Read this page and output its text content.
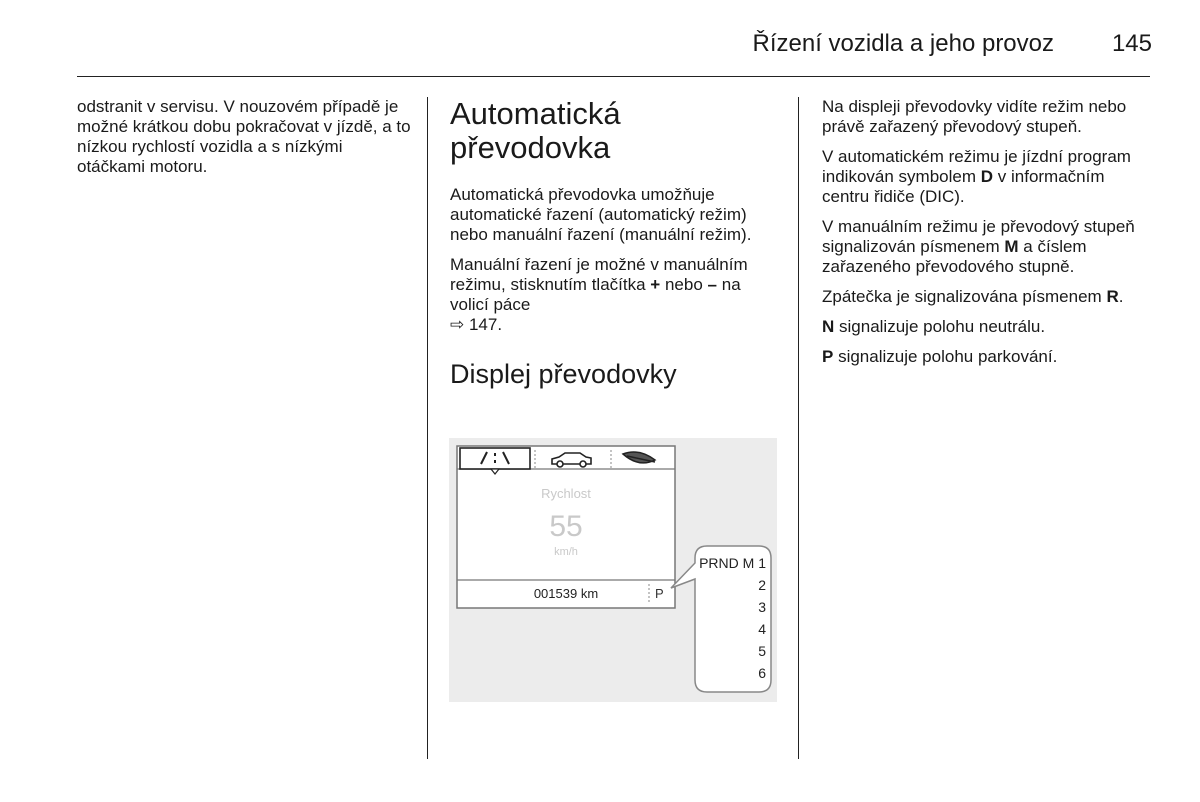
Řízení vozidla a jeho provoz 145

odstranit v servisu. V nouzovém případě je možné krátkou dobu pokračovat v jízdě, a to nízkou rychlostí vozidla a s nízkými otáčkami motoru.

Automatická převodovka

Automatická převodovka umožňuje automatické řazení (automatický režim) nebo manuální řazení (manuální režim).

Manuální řazení je možné v manuálním režimu, stisknutím tlačítka + nebo – na volicí páce
⇨ 147.

Displej převodovky
Rychlost
55
km/h
001539 km	P
PRND M 1
2
3
4
5
6

Na displeji převodovky vidíte režim nebo právě zařazený převodový stupeň.

V automatickém režimu je jízdní program indikován symbolem D v informačním centru řidiče (DIC).

V manuálním režimu je převodový stupeň signalizován písmenem M a číslem zařazeného převodového stupně.

Zpátečka je signalizována písmenem R.

N signalizuje polohu neutrálu.

P signalizuje polohu parkování.
